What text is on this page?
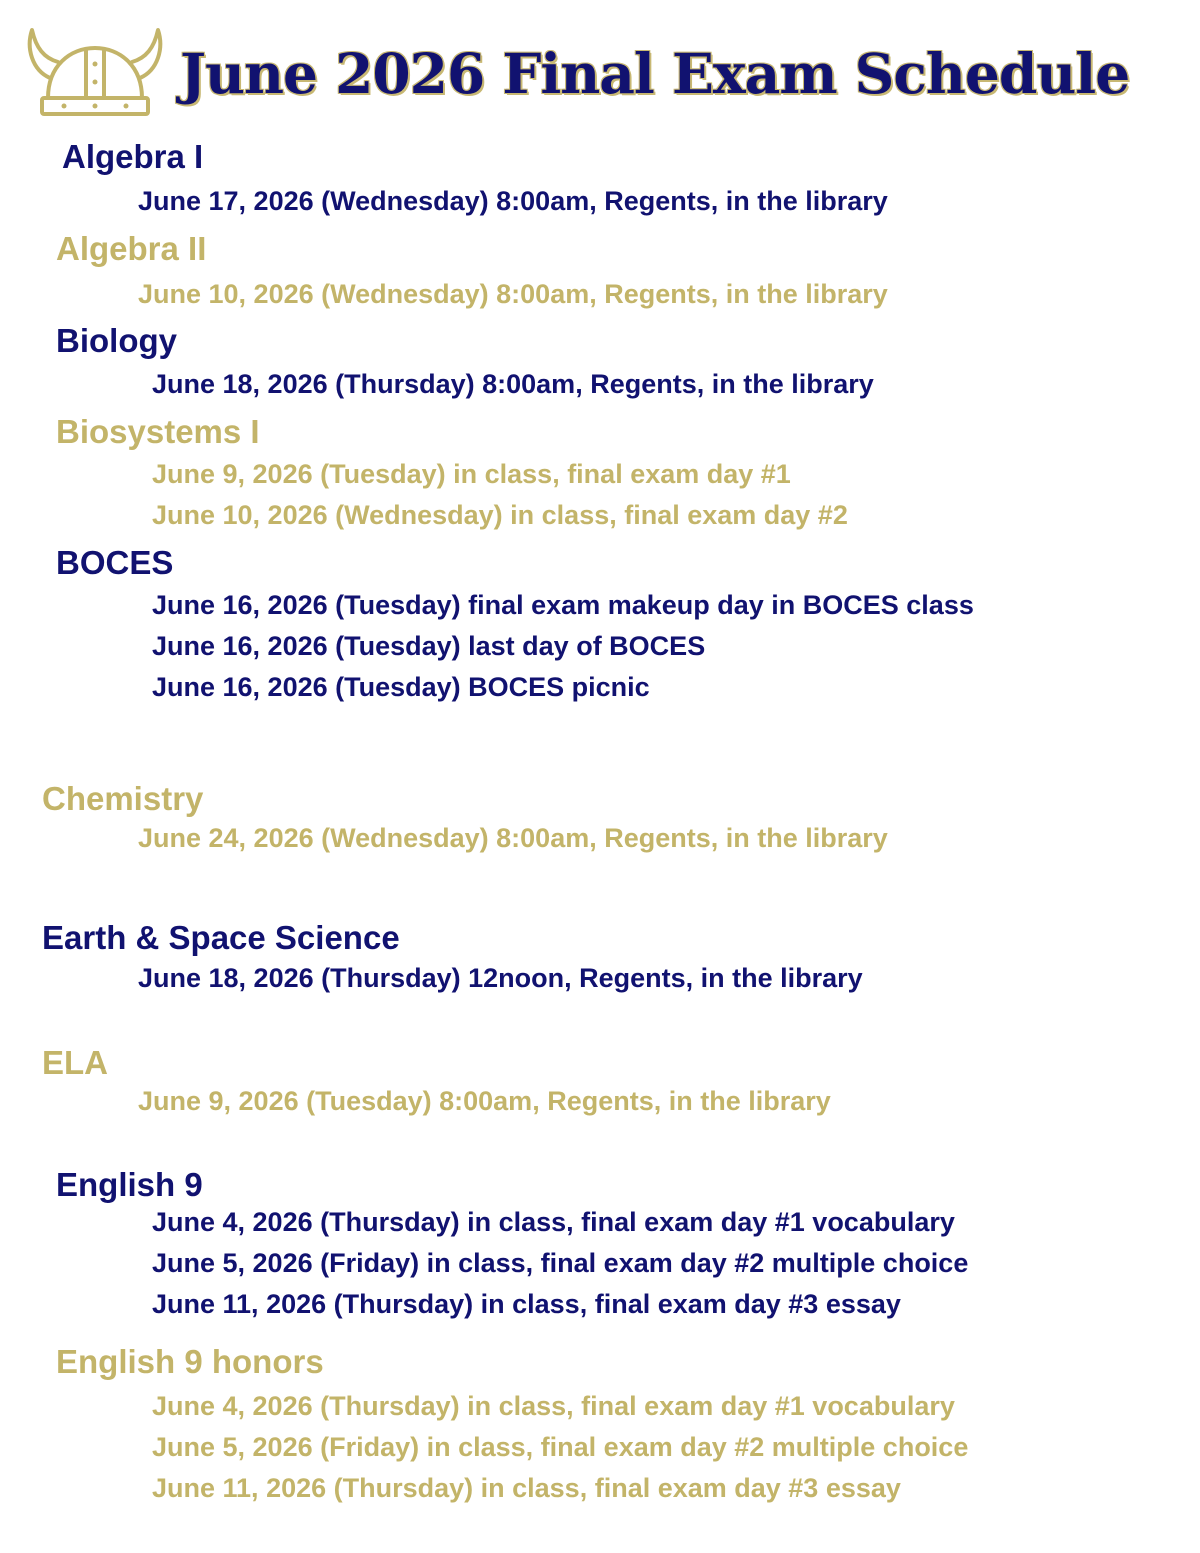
June 2026 Final Exam Schedule
Algebra I
June 17, 2026 (Wednesday) 8:00am, Regents, in the library
Algebra II
June 10, 2026 (Wednesday) 8:00am, Regents, in the library
Biology
June 18, 2026 (Thursday) 8:00am, Regents, in the library
Biosystems I
June 9, 2026 (Tuesday) in class, final exam day #1
June 10, 2026 (Wednesday) in class, final exam day #2
BOCES
June 16, 2026 (Tuesday) final exam makeup day in BOCES class
June 16, 2026 (Tuesday) last day of BOCES
June 16, 2026 (Tuesday) BOCES picnic
Chemistry
June 24, 2026 (Wednesday) 8:00am, Regents, in the library
Earth & Space Science
June 18, 2026 (Thursday) 12noon, Regents, in the library
ELA
June 9, 2026 (Tuesday) 8:00am, Regents, in the library
English 9
June 4, 2026 (Thursday) in class, final exam day #1 vocabulary
June 5, 2026 (Friday) in class, final exam day #2 multiple choice
June 11, 2026 (Thursday) in class, final exam day #3 essay
English 9 honors
June 4, 2026 (Thursday) in class, final exam day #1 vocabulary
June 5, 2026 (Friday) in class, final exam day #2 multiple choice
June 11, 2026 (Thursday) in class, final exam day #3 essay
